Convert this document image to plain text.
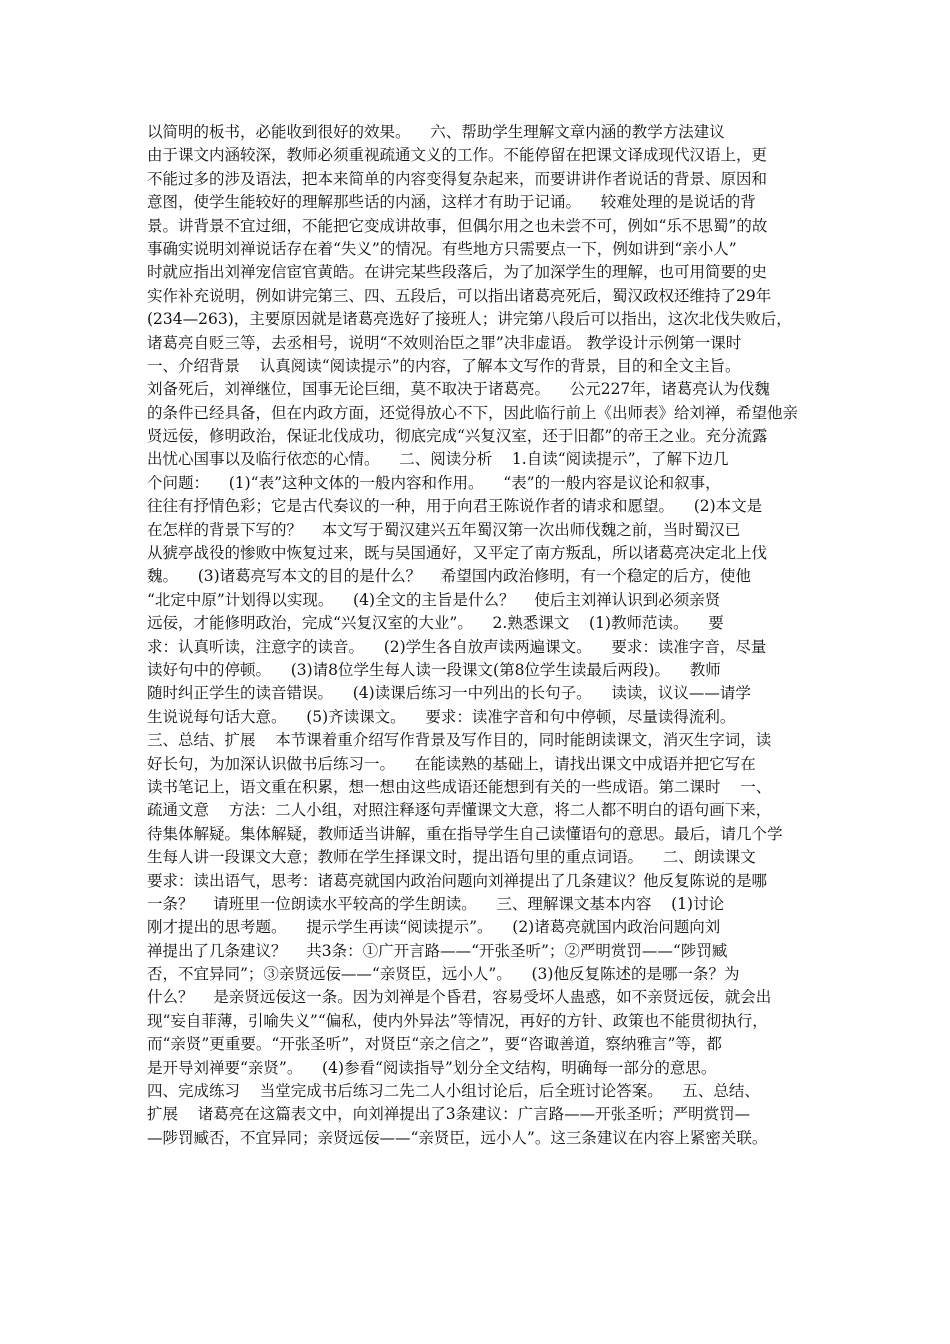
以简明的板书，必能收到很好的效果。    六、帮助学生理解文章内涵的教学方法建议
由于课文内涵较深，教师必须重视疏通文义的工作。不能停留在把课文译成现代汉语上，更
不能过多的涉及语法，把本来简单的内容变得复杂起来，而要讲讲作者说话的背景、原因和
意图，使学生能较好的理解那些话的内涵，这样才有助于记诵。    较难处理的是说话的背
景。讲背景不宜过细，不能把它变成讲故事，但偶尔用之也未尝不可，例如“乐不思蜀”的故
事确实说明刘禅说话存在着“失义”的情况。有些地方只需要点一下，例如讲到“亲小人”
时就应指出刘禅宠信宦官黄皓。在讲完某些段落后，为了加深学生的理解，也可用简要的史
实作补充说明，例如讲完第三、四、五段后，可以指出诸葛亮死后，蜀汉政权还维持了29年
(234—263)，主要原因就是诸葛亮选好了接班人；讲完第八段后可以指出，这次北伐失败后，
诸葛亮自贬三等，去丞相号，说明“不效则治臣之罪”决非虚语。 教学设计示例第一课时
一、介绍背景    认真阅读“阅读提示”的内容，了解本文写作的背景，目的和全文主旨。
刘备死后，刘禅继位，国事无论巨细，莫不取决于诸葛亮。    公元227年，诸葛亮认为伐魏
的条件已经具备，但在内政方面，还觉得放心不下，因此临行前上《出师表》给刘禅，希望他亲
贤远佞，修明政治，保证北伐成功，彻底完成“兴复汉室，还于旧都”的帝王之业。充分流露
出忧心国事以及临行依恋的心情。    二、阅读分析    1.自读“阅读提示”，了解下边几
个问题：    (1)“表”这种文体的一般内容和作用。    “表”的一般内容是议论和叙事，
往往有抒情色彩；它是古代奏议的一种，用于向君王陈说作者的请求和愿望。    (2)本文是
在怎样的背景下写的？    本文写于蜀汉建兴五年蜀汉第一次出师伐魏之前，当时蜀汉已
从猇亭战役的惨败中恢复过来，既与吴国通好，又平定了南方叛乱，所以诸葛亮决定北上伐
魏。    (3)诸葛亮写本文的目的是什么？    希望国内政治修明，有一个稳定的后方，使他
“北定中原”计划得以实现。    (4)全文的主旨是什么？    使后主刘禅认识到必须亲贤
远佞，才能修明政治，完成“兴复汉室的大业”。    2.熟悉课文    (1)教师范读。    要
求：认真听读，注意字的读音。    (2)学生各自放声读两遍课文。    要求：读准字音，尽量
读好句中的停顿。    (3)请8位学生每人读一段课文(第8位学生读最后两段)。    教师
随时纠正学生的读音错误。    (4)读课后练习一中列出的长句子。    读读，议议——请学
生说说每句话大意。    (5)齐读课文。    要求：读准字音和句中停顿，尽量读得流利。
三、总结、扩展    本节课着重介绍写作背景及写作目的，同时能朗读课文，消灭生字词，读
好长句，为加深认识做书后练习一。    在能读熟的基础上，请找出课文中成语并把它写在
读书笔记上，语文重在积累，想一想由这些成语还能想到有关的一些成语。第二课时    一、
疏通文意    方法：二人小组，对照注释逐句弄懂课文大意，将二人都不明白的语句画下来，
待集体解疑。集体解疑，教师适当讲解，重在指导学生自己读懂语句的意思。最后，请几个学
生每人讲一段课文大意；教师在学生择课文时，提出语句里的重点词语。    二、朗读课文
要求：读出语气，思考：诸葛亮就国内政治问题向刘禅提出了几条建议？他反复陈说的是哪
一条？    请班里一位朗读水平较高的学生朗读。    三、理解课文基本内容    (1)讨论
刚才提出的思考题。    提示学生再读“阅读提示”。    (2)诸葛亮就国内政治问题向刘
禅提出了几条建议？    共3条：①广开言路——“开张圣听”；②严明赏罚——“陟罚臧
否，不宜异同”；③亲贤远佞——“亲贤臣，远小人”。    (3)他反复陈述的是哪一条？为
什么？    是亲贤远佞这一条。因为刘禅是个昏君，容易受坏人蛊惑，如不亲贤远佞，就会出
现“妄自菲薄，引喻失义”“偏私，使内外异法”等情况，再好的方针、政策也不能贯彻执行，
而“亲贤”更重要。“开张圣听”，对贤臣“亲之信之”，要“咨诹善道，察纳雅言”等，都
是开导刘禅要“亲贤”。    (4)参看“阅读指导”划分全文结构，明确每一部分的意思。
四、完成练习    当堂完成书后练习二先二人小组讨论后，后全班讨论答案。    五、总结、
扩展    诸葛亮在这篇表文中，向刘禅提出了3条建议：广言路——开张圣听；严明赏罚—
—陟罚臧否，不宜异同；亲贤远佞——“亲贤臣，远小人”。这三条建议在内容上紧密关联。
